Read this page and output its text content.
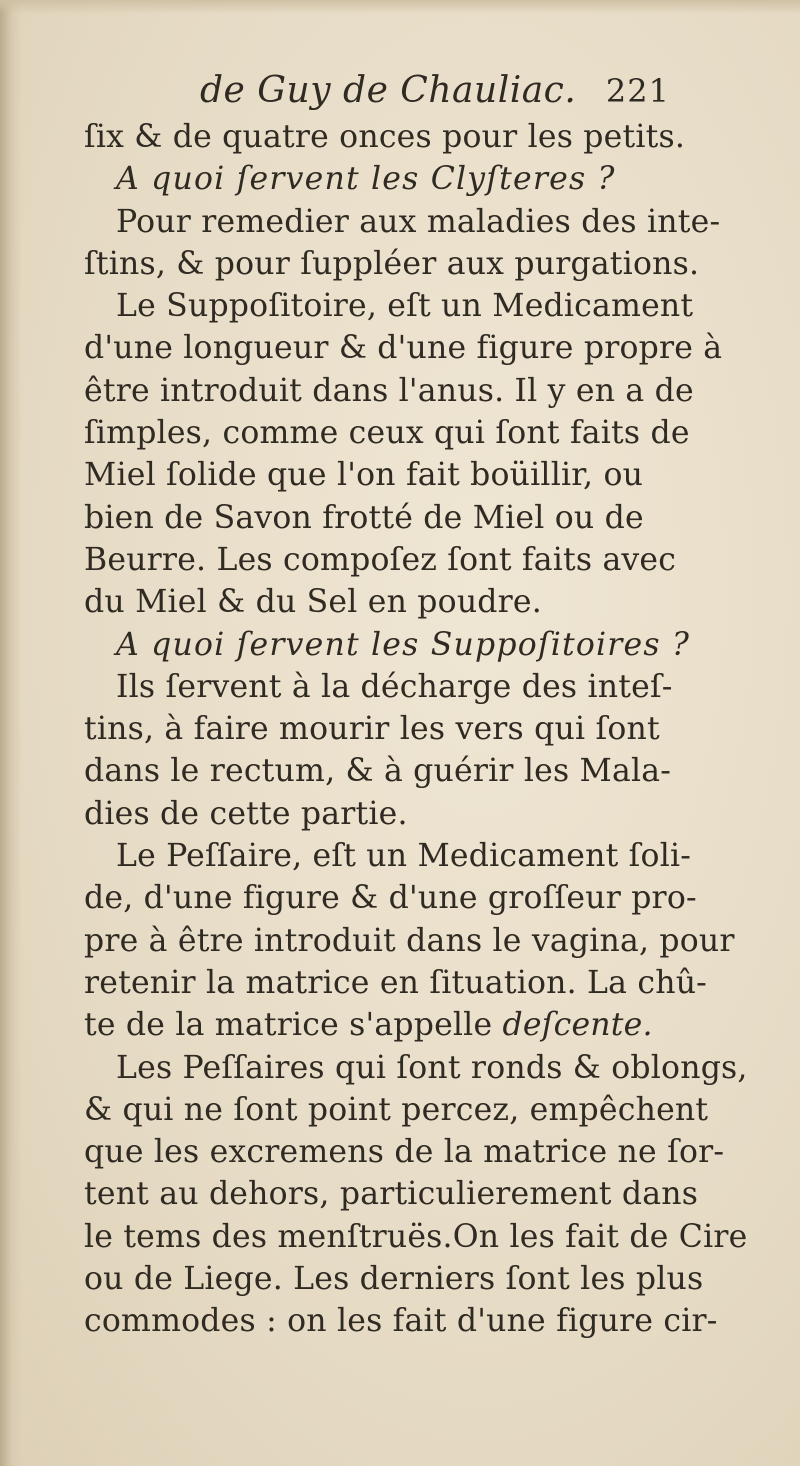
de Guy de Chauliac. 221
ſix & de quatre onces pour les petits.
A quoi ſervent les Clyſteres ?
Pour remedier aux maladies des inte-
ſtins, & pour ſuppléer aux purgations.
Le Suppoſitoire, eſt un Medicament
d'une longueur & d'une figure propre à
être introduit dans l'anus. Il y en a de
ſimples, comme ceux qui ſont faits de
Miel ſolide que l'on fait boüillir, ou
bien de Savon frotté de Miel ou de
Beurre. Les compoſez ſont faits avec
du Miel & du Sel en poudre.
A quoi ſervent les Suppoſitoires ?
Ils ſervent à la décharge des inteſ-
tins, à faire mourir les vers qui ſont
dans le rectum, & à guérir les Mala-
dies de cette partie.
Le Peſſaire, eſt un Medicament ſoli-
de, d'une figure & d'une groſſeur pro-
pre à être introduit dans le vagina, pour
retenir la matrice en ſituation. La chû-
te de la matrice s'appelle deſcente.
Les Peſſaires qui ſont ronds & oblongs,
& qui ne ſont point percez, empêchent
que les excremens de la matrice ne ſor-
tent au dehors, particulierement dans
le tems des menſtruës.On les fait de Cire
ou de Liege. Les derniers ſont les plus
commodes : on les fait d'une figure cir-
